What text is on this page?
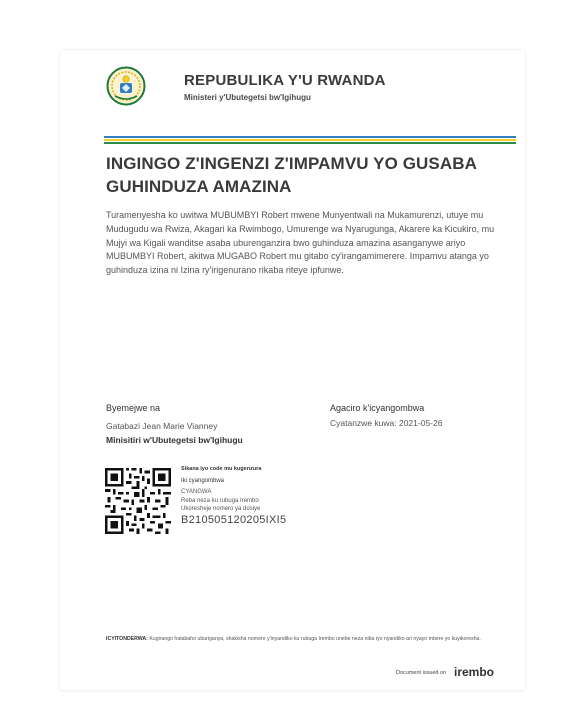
REPUBULIKA Y'U RWANDA
Ministeri y'Ubutegetsi bw'Igihugu
INGINGO Z'INGENZI Z'IMPAMVU YO GUSABA GUHINDUZA AMAZINA
Turamenyesha ko uwitwa MUBUMBYI Robert mwene Munyentwali na Mukamurenzi, utuye mu Mudugudu wa Rwiza, Akagari ka Rwimbogo, Umurenge wa Nyarugunga, Akarere ka Kicukiro, mu Mujyi wa Kigali wanditse asaba uburenganzira bwo guhinduza amazina asanganywe ariyo MUBUMBYI Robert, akitwa MUGABO Robert mu gitabo cy'irangamimerere. Impamvu atanga yo guhinduza izina ni Izina ry'irigenurano rikaba riteye ipfunwe.
Byemejwe na
Gatabazi Jean Marie Vianney
Minisitiri w'Ubutegetsi bw'Igihugu
Agaciro k'icyangombwa
Cyatanzwe kuwa: 2021-05-26
Sikana iyo code mu kugenzura
Iki cyangombwa
CYANGWA
Reba neza ku rubuga Irembo
Ukoresheje nomero ya dosiye
B210505120205IXI5
ICYITONDERWA: Kugirango hatabaho uburiganya, shakisha nomero y'inyandiko ku rubuga Irembo unebe neza niba iyo nyandiko ari nyayo mbere yo kuyikoresha.
Document issued on irembo
